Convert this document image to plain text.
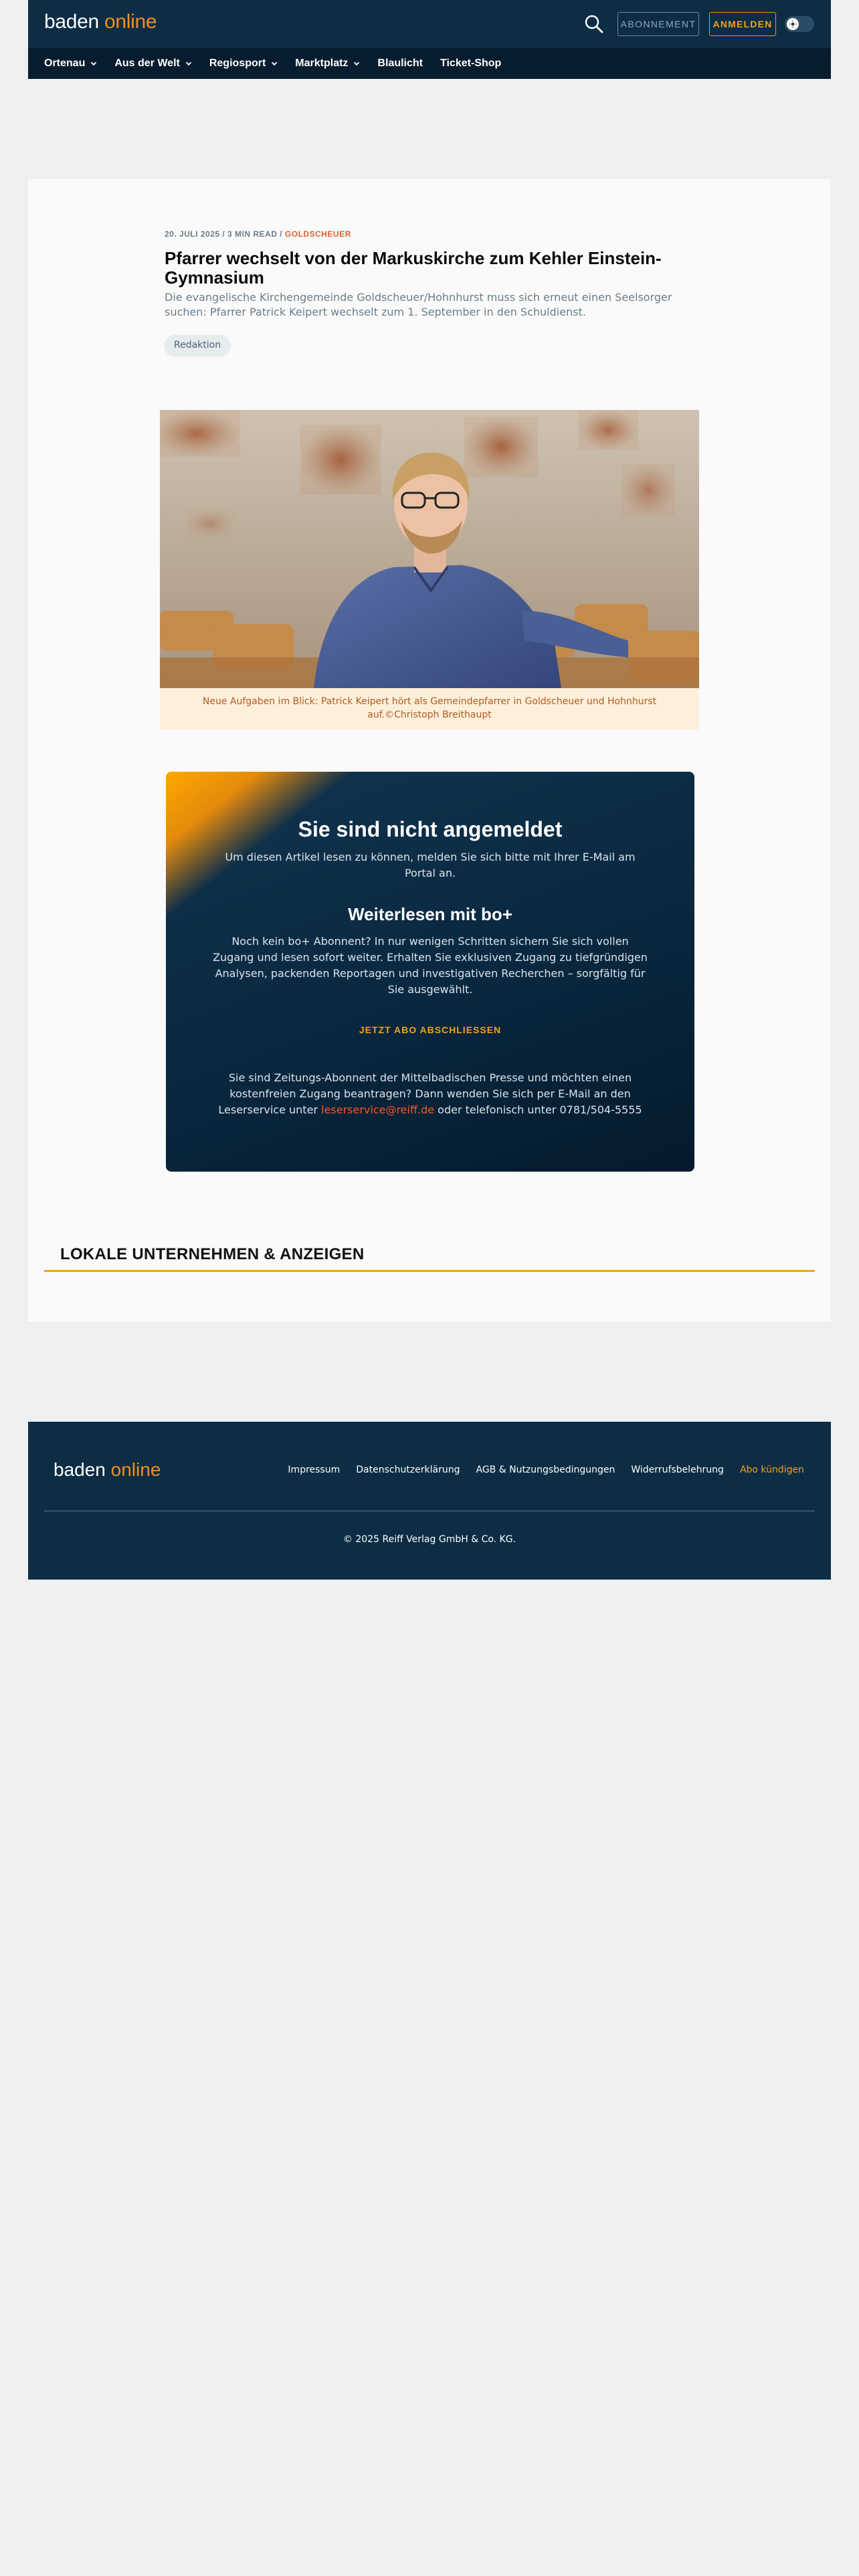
baden online	ABONNEMENT	ANMELDEN
Ortenau	Aus der Welt	Regiosport	Marktplatz	Blaulicht Ticket-Shop
20. JULI 2025 / 3 MIN READ / GOLDSCHEUER
Pfarrer wechselt von der Markuskirche zum Kehler Einstein-Gymnasium

Die evangelische Kirchengemeinde Goldscheuer/Hohnhurst muss sich erneut einen Seelsorger suchen: Pfarrer Patrick Keipert wechselt zum 1. September in den Schuldienst.

Redaktion
Neue Aufgaben im Blick: Patrick Keipert hört als Gemeindepfarrer in Goldscheuer und Hohnhurst auf.©Christoph Breithaupt
Sie sind nicht angemeldet

Um diesen Artikel lesen zu können, melden Sie sich bitte mit Ihrer E-Mail am Portal an.

Weiterlesen mit bo+

Noch kein bo+ Abonnent? In nur wenigen Schritten sichern Sie sich vollen Zugang und lesen sofort weiter. Erhalten Sie exklusiven Zugang zu tiefgründigen Analysen, packenden Reportagen und investigativen Recherchen – sorgfältig für Sie ausgewählt.

JETZT ABO ABSCHLIESSEN

Sie sind Zeitungs-Abonnent der Mittelbadischen Presse und möchten einen kostenfreien Zugang beantragen? Dann wenden Sie sich per E-Mail an den Leserservice unter leserservice@reiff.de oder telefonisch unter 0781/504-5555

LOKALE UNTERNEHMEN & ANZEIGEN
baden online	Impressum Datenschutzerklärung AGB & Nutzungsbedingungen Widerrufsbelehrung Abo kündigen
© 2025 Reiff Verlag GmbH & Co. KG.
